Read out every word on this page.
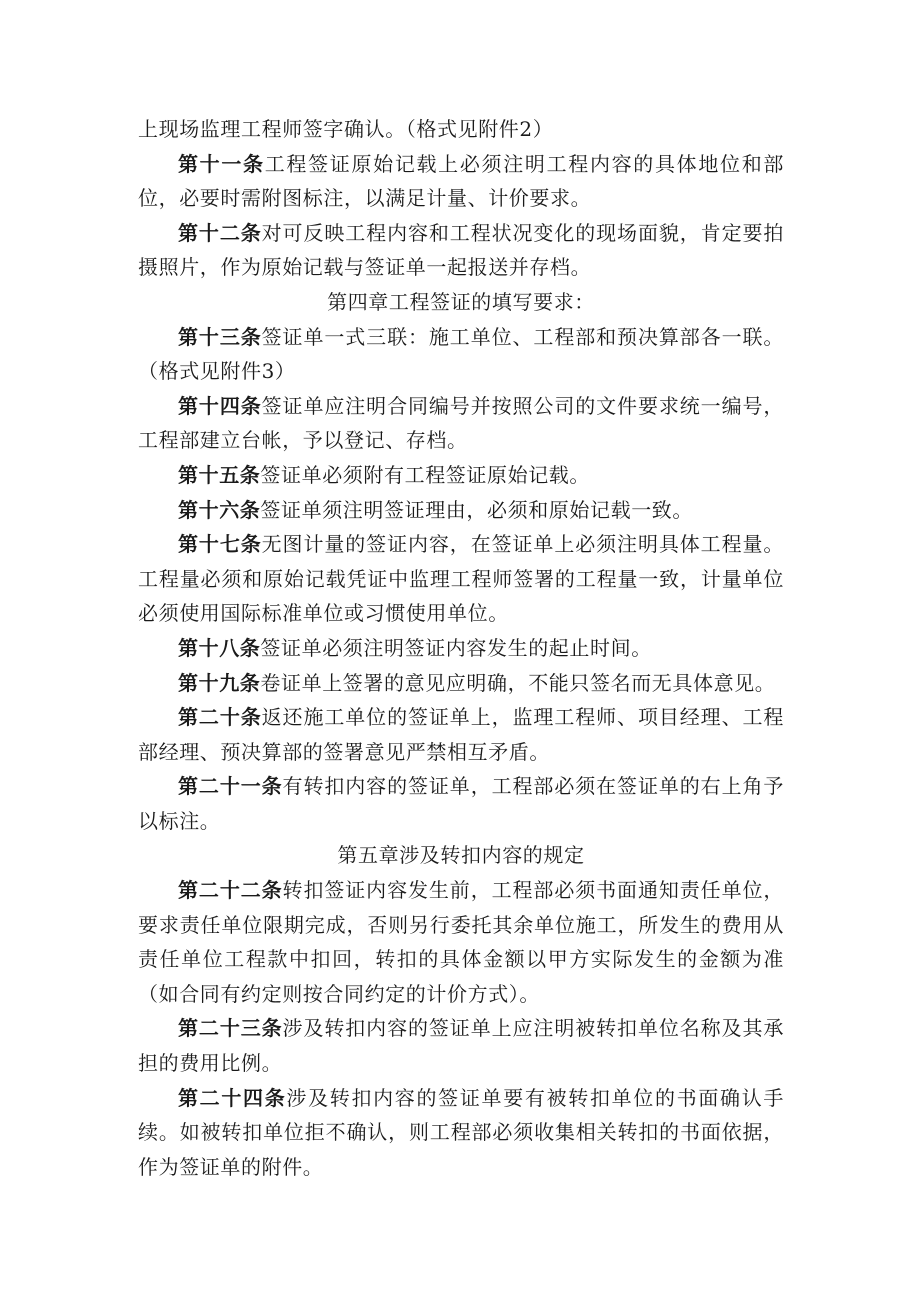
上现场监理工程师签字确认。（格式见附件2）

第十一条工程签证原始记载上必须注明工程内容的具体地位和部位，必要时需附图标注，以满足计量、计价要求。

第十二条对可反映工程内容和工程状况变化的现场面貌，肯定要拍摄照片，作为原始记载与签证单一起报送并存档。

第四章工程签证的填写要求：

第十三条签证单一式三联：施工单位、工程部和预决算部各一联。（格式见附件3）

第十四条签证单应注明合同编号并按照公司的文件要求统一编号，工程部建立台帐，予以登记、存档。

第十五条签证单必须附有工程签证原始记载。

第十六条签证单须注明签证理由，必须和原始记载一致。

第十七条无图计量的签证内容，在签证单上必须注明具体工程量。工程量必须和原始记载凭证中监理工程师签署的工程量一致，计量单位必须使用国际标准单位或习惯使用单位。

第十八条签证单必须注明签证内容发生的起止时间。

第十九条卷证单上签署的意见应明确，不能只签名而无具体意见。

第二十条返还施工单位的签证单上，监理工程师、项目经理、工程部经理、预决算部的签署意见严禁相互矛盾。

第二十一条有转扣内容的签证单，工程部必须在签证单的右上角予以标注。

第五章涉及转扣内容的规定

第二十二条转扣签证内容发生前，工程部必须书面通知责任单位，要求责任单位限期完成，否则另行委托其余单位施工，所发生的费用从责任单位工程款中扣回，转扣的具体金额以甲方实际发生的金额为准（如合同有约定则按合同约定的计价方式）。

第二十三条涉及转扣内容的签证单上应注明被转扣单位名称及其承担的费用比例。

第二十四条涉及转扣内容的签证单要有被转扣单位的书面确认手续。如被转扣单位拒不确认，则工程部必须收集相关转扣的书面依据，作为签证单的附件。
